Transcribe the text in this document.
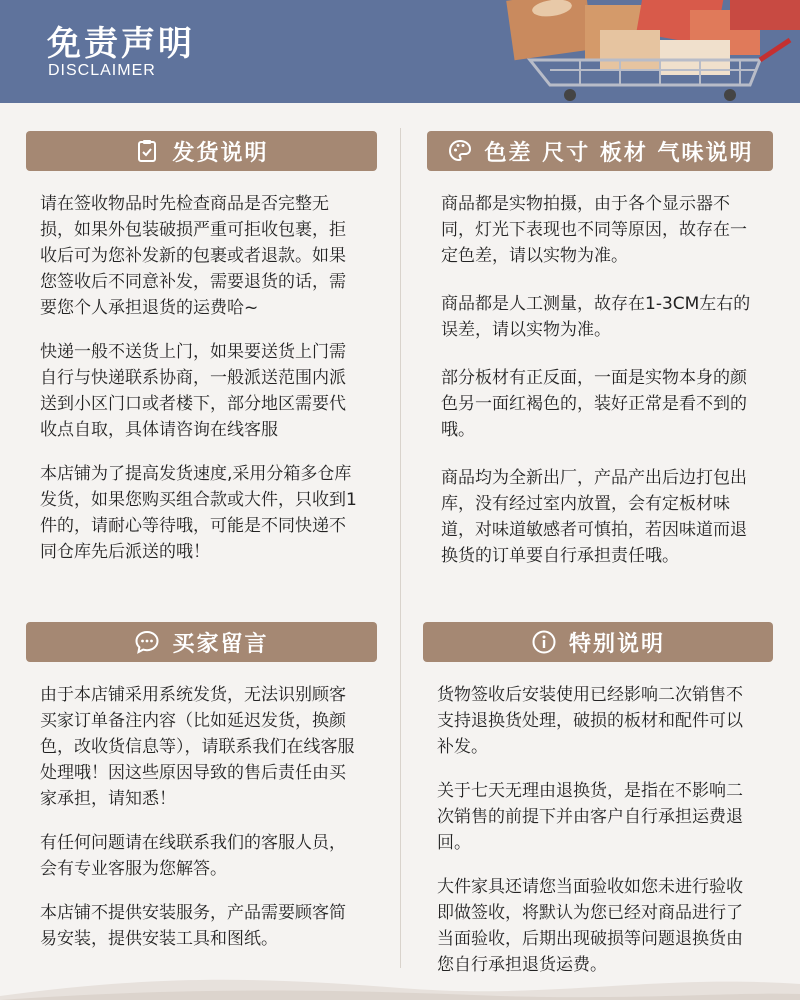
免责声明
DISCLAIMER
发货说明

请在签收物品时先检查商品是否完整无损，如果外包装破损严重可拒收包裹，拒收后可为您补发新的包裹或者退款。如果您签收后不同意补发，需要退货的话，需要您个人承担退货的运费哈~

快递一般不送货上门，如果要送货上门需自行与快递联系协商，一般派送范围内派送到小区门口或者楼下，部分地区需要代收点自取，具体请咨询在线客服

本店铺为了提高发货速度,采用分箱多仓库发货，如果您购买组合款或大件，只收到1件的，请耐心等待哦，可能是不同快递不同仓库先后派送的哦！

色差 尺寸 板材 气味说明

商品都是实物拍摄，由于各个显示器不同，灯光下表现也不同等原因，故存在一定色差，请以实物为准。

商品都是人工测量，故存在1-3CM左右的误差，请以实物为准。

部分板材有正反面，一面是实物本身的颜色另一面红褐色的，装好正常是看不到的哦。

商品均为全新出厂，产品产出后边打包出库，没有经过室内放置，会有定板材味道，对味道敏感者可慎拍，若因味道而退换货的订单要自行承担责任哦。

买家留言

由于本店铺采用系统发货，无法识别顾客买家订单备注内容（比如延迟发货，换颜色，改收货信息等），请联系我们在线客服处理哦！因这些原因导致的售后责任由买家承担，请知悉！

有任何问题请在线联系我们的客服人员，会有专业客服为您解答。

本店铺不提供安装服务，产品需要顾客简易安装，提供安装工具和图纸。

特别说明

货物签收后安装使用已经影响二次销售不支持退换货处理，破损的板材和配件可以补发。

关于七天无理由退换货，是指在不影响二次销售的前提下并由客户自行承担运费退回。

大件家具还请您当面验收如您未进行验收即做签收，将默认为您已经对商品进行了当面验收，后期出现破损等问题退换货由您自行承担退货运费。
